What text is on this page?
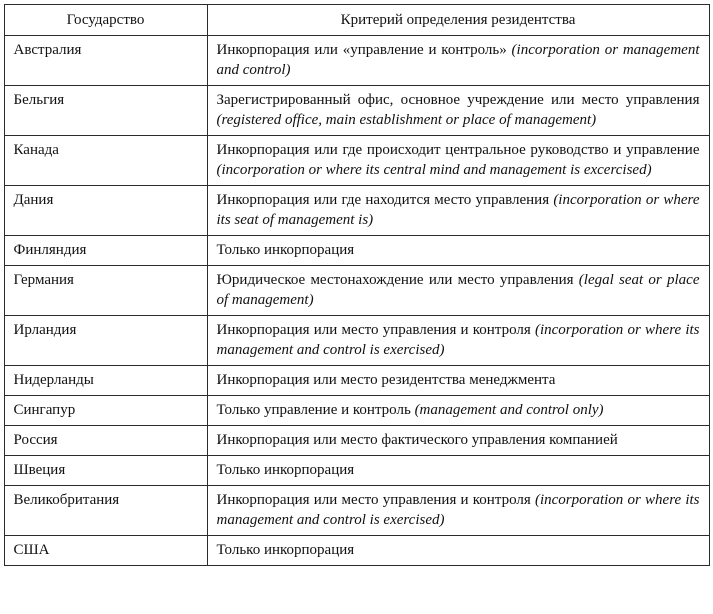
Государство	Критерий определения резидентства
Австралия	Инкорпорация или «управление и контроль» (incorporation or management and control)
Бельгия	Зарегистрированный офис, основное учреждение или место управления (registered office, main establishment or place of management)
Канада	Инкорпорация или где происходит центральное руководство и управление (incorporation or where its central mind and management is excercised)
Дания	Инкорпорация или где находится место управления (incorporation or where its seat of management is)
Финляндия	Только инкорпорация
Германия	Юридическое местонахождение или место управления (legal seat or place of management)
Ирландия	Инкорпорация или место управления и контроля (incorporation or where its management and control is exercised)
Нидерланды	Инкорпорация или место резидентства менеджмента
Сингапур	Только управление и контроль (management and control only)
Россия	Инкорпорация или место фактического управления компанией
Швеция	Только инкорпорация
Великобритания	Инкорпорация или место управления и контроля (incorporation or where its management and control is exercised)
США	Только инкорпорация
